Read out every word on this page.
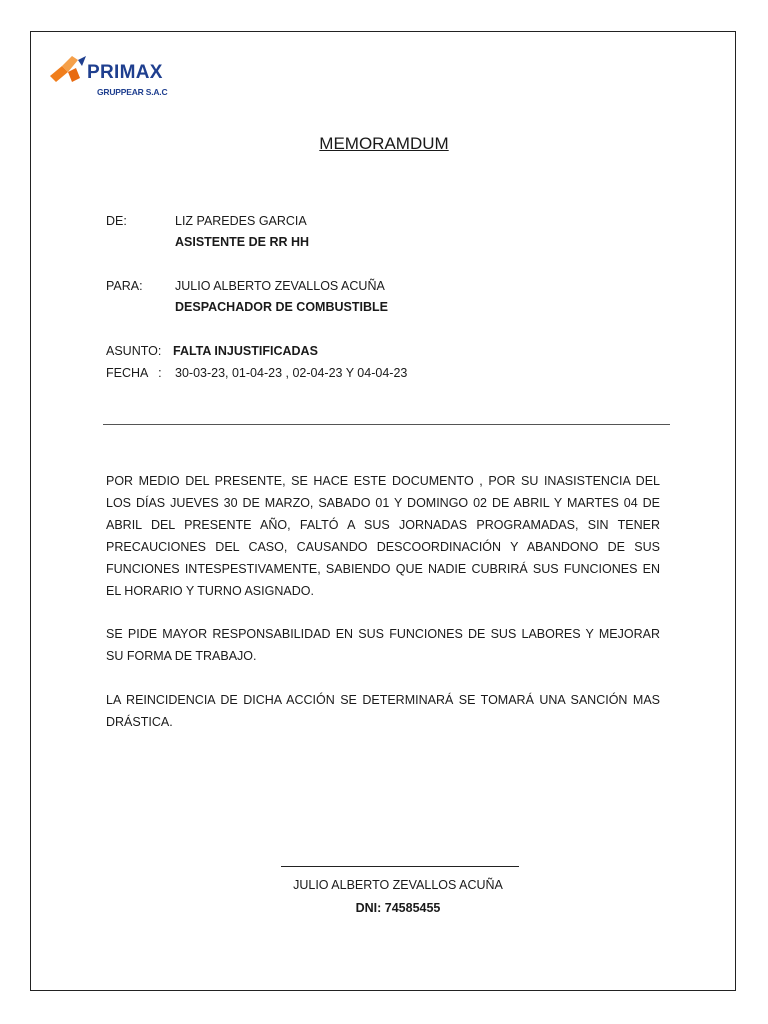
PRIMAX
GRUPPEAR S.A.C
MEMORAMDUM
DE:	LIZ PAREDES GARCIA
ASISTENTE DE RR HH
PARA:	JULIO ALBERTO ZEVALLOS ACUÑA
DESPACHADOR DE COMBUSTIBLE
ASUNTO: FALTA INJUSTIFICADAS
FECHA   : 30-03-23, 01-04-23 , 02-04-23 Y 04-04-23

POR MEDIO DEL PRESENTE, SE HACE ESTE DOCUMENTO , POR SU INASISTENCIA DEL LOS DÍAS JUEVES 30 DE MARZO, SABADO 01 Y DOMINGO 02 DE ABRIL Y MARTES 04 DE ABRIL DEL PRESENTE AÑO, FALTÓ A SUS JORNADAS PROGRAMADAS, SIN TENER PRECAUCIONES DEL CASO, CAUSANDO DESCOORDINACIÓN Y ABANDONO DE SUS FUNCIONES INTESPESTIVAMENTE, SABIENDO QUE NADIE CUBRIRÁ SUS FUNCIONES EN EL HORARIO Y TURNO ASIGNADO.

SE PIDE MAYOR RESPONSABILIDAD EN SUS FUNCIONES DE SUS LABORES Y MEJORAR SU FORMA DE TRABAJO.

LA REINCIDENCIA DE DICHA ACCIÓN SE DETERMINARÁ SE TOMARÁ UNA SANCIÓN MAS DRÁSTICA.

JULIO ALBERTO ZEVALLOS ACUÑA
DNI: 74585455
